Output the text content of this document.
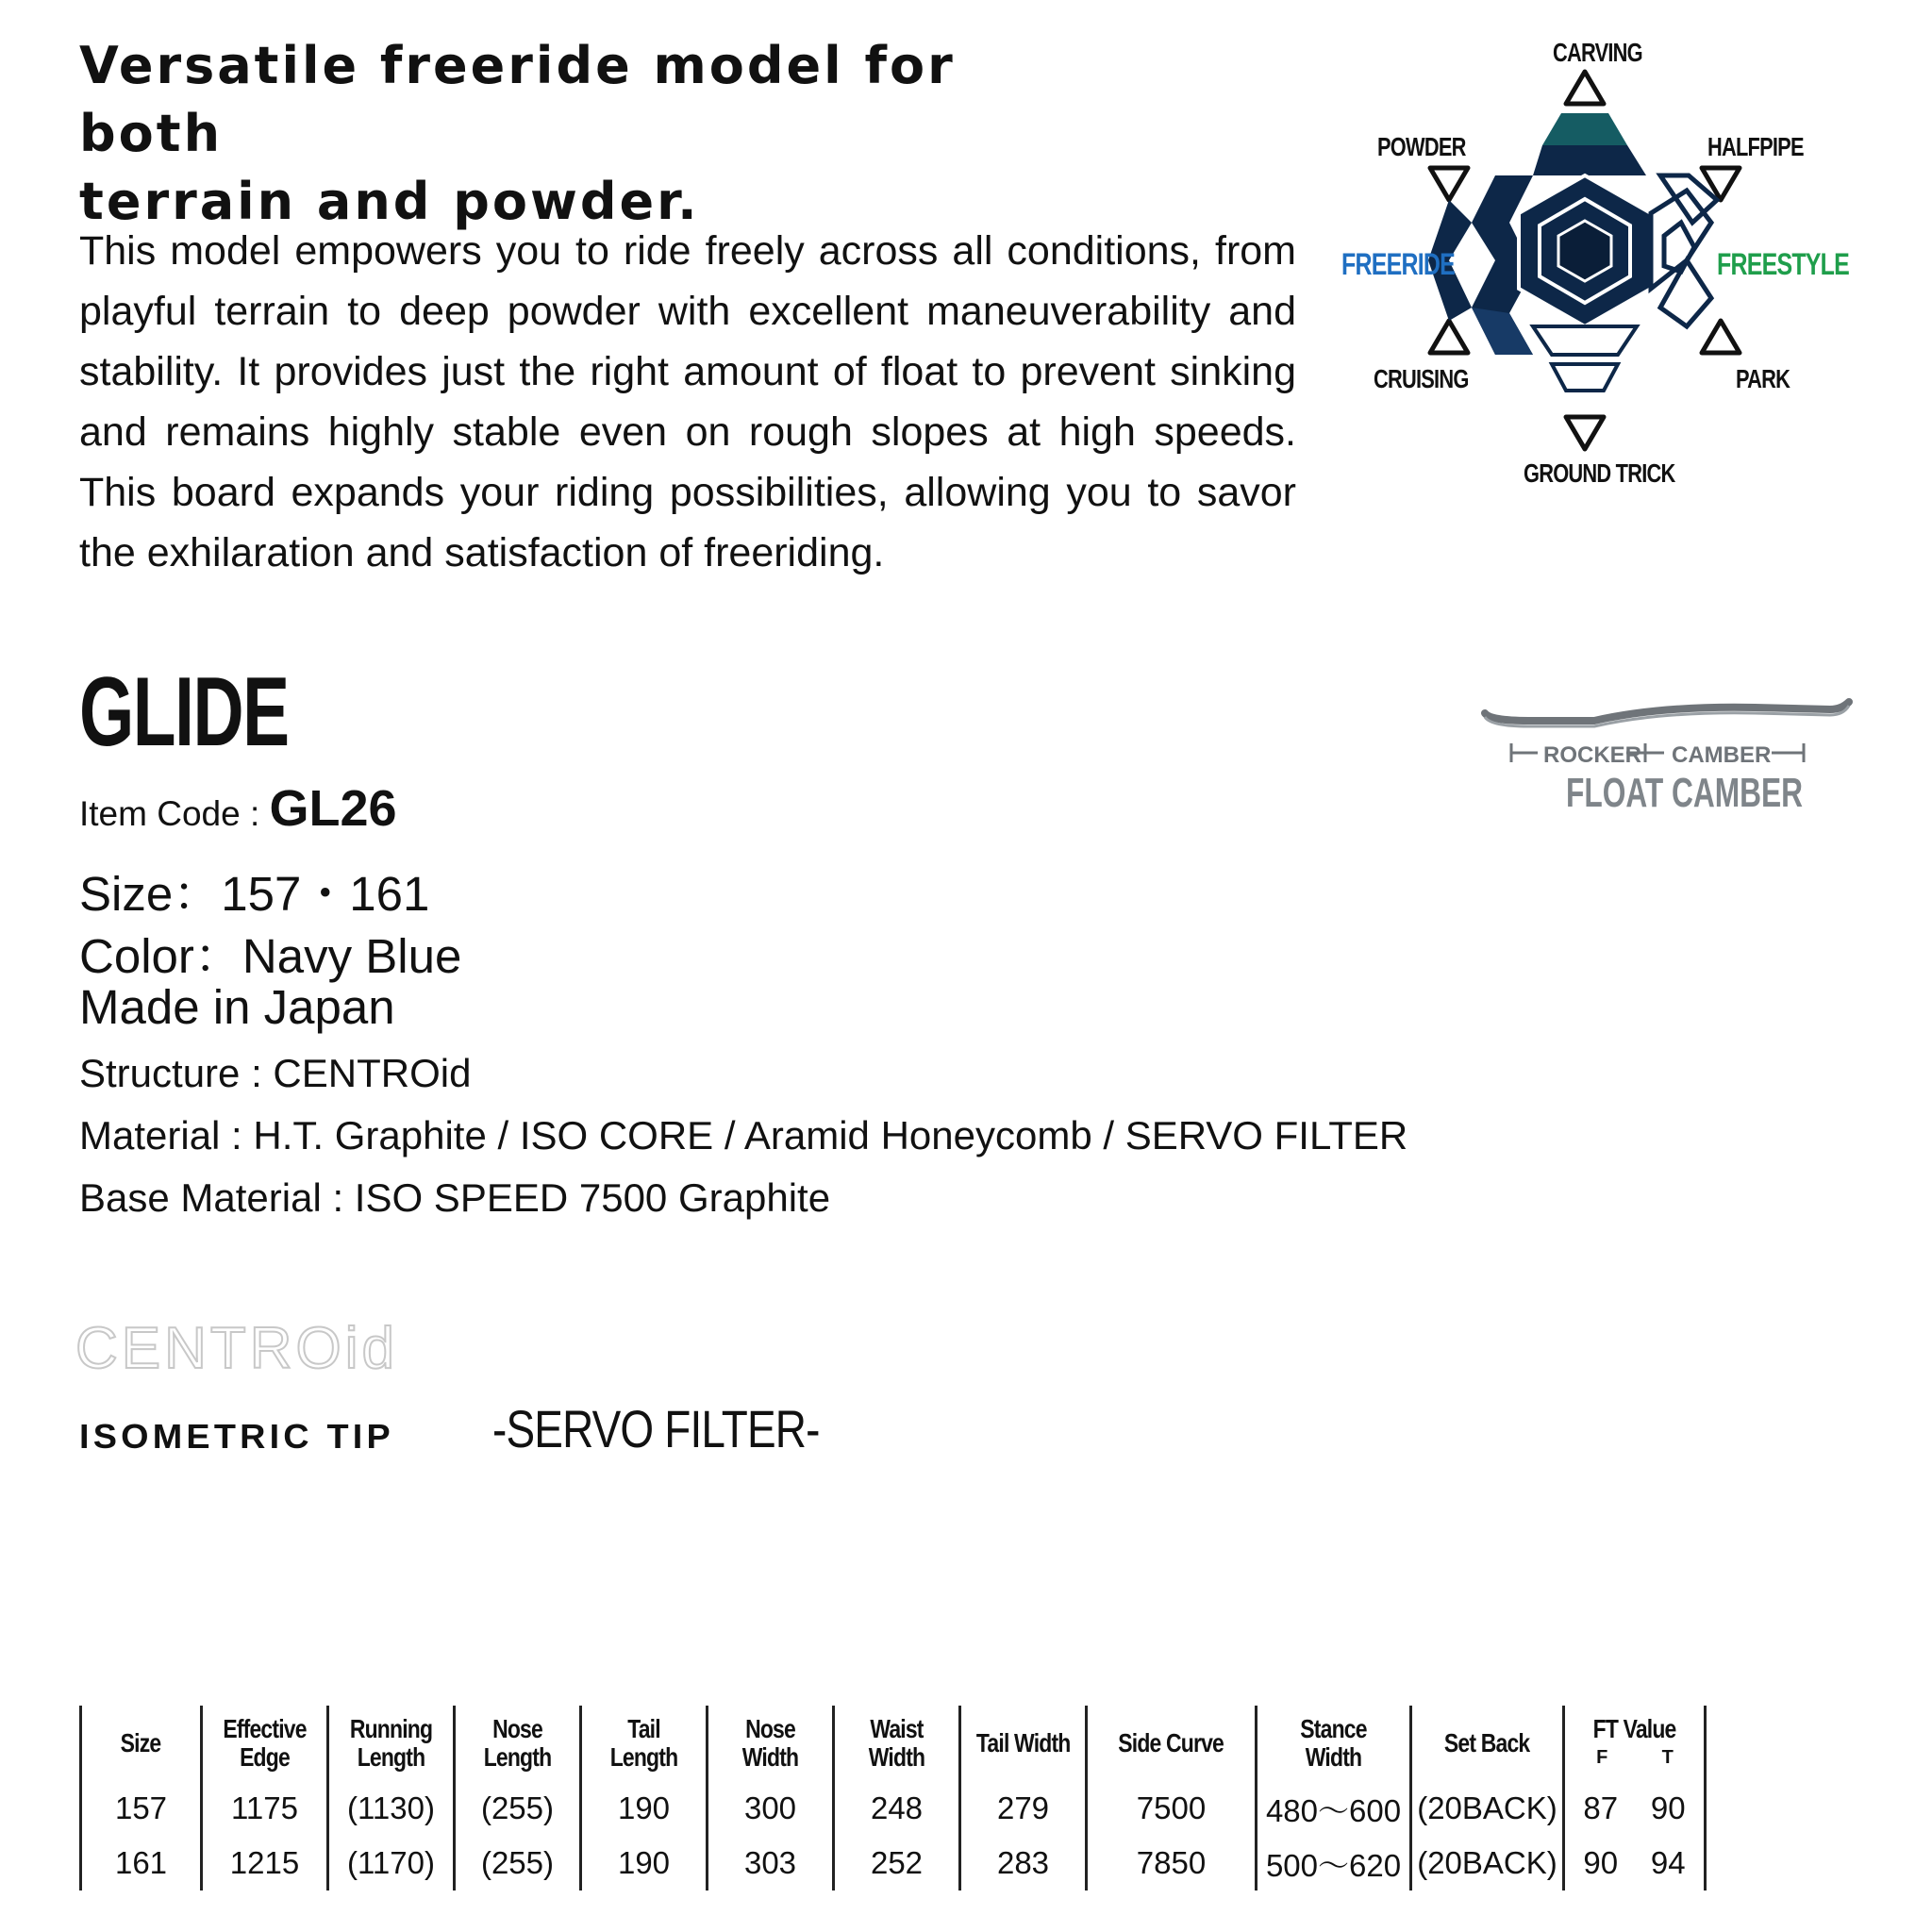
Versatile freeride model for both
terrain and powder.

This model empowers you to ride freely across all conditions, from playful terrain to deep powder with excellent maneuverability and stability. It provides just the right amount of float to prevent sinking and remains highly stable even on rough slopes at high speeds. This board expands your riding possibilities, allowing you to savor the exhilaration and satisfaction of freeriding.

CARVING
HALFPIPE
FREESTYLE
PARK
GROUND TRICK
CRUISING
FREERIDE
POWDER
GLIDE
Item Code : GL26
Size：157・161
Color：Navy Blue
Made in Japan
Structure : CENTROid
Material : H.T. Graphite / ISO CORE / Aramid Honeycomb / SERVO FILTER
Base Material : ISO SPEED 7500 Graphite
ROCKER CAMBER
FLOAT CAMBER
CENTROid
ISOMETRIC TIP -SERVO FILTER-
Size	Effective Edge	Running Length	Nose Length	Tail Length	Nose Width	Waist Width	Tail Width	Side Curve	Stance Width	Set Back	FT Value
F T

157	1175	(1130)	(255)	190	300	248	279	7500	480～600	(20BACK)	87 90

161	1215	(1170)	(255)	190	303	252	283	7850	500～620	(20BACK)	90 94
